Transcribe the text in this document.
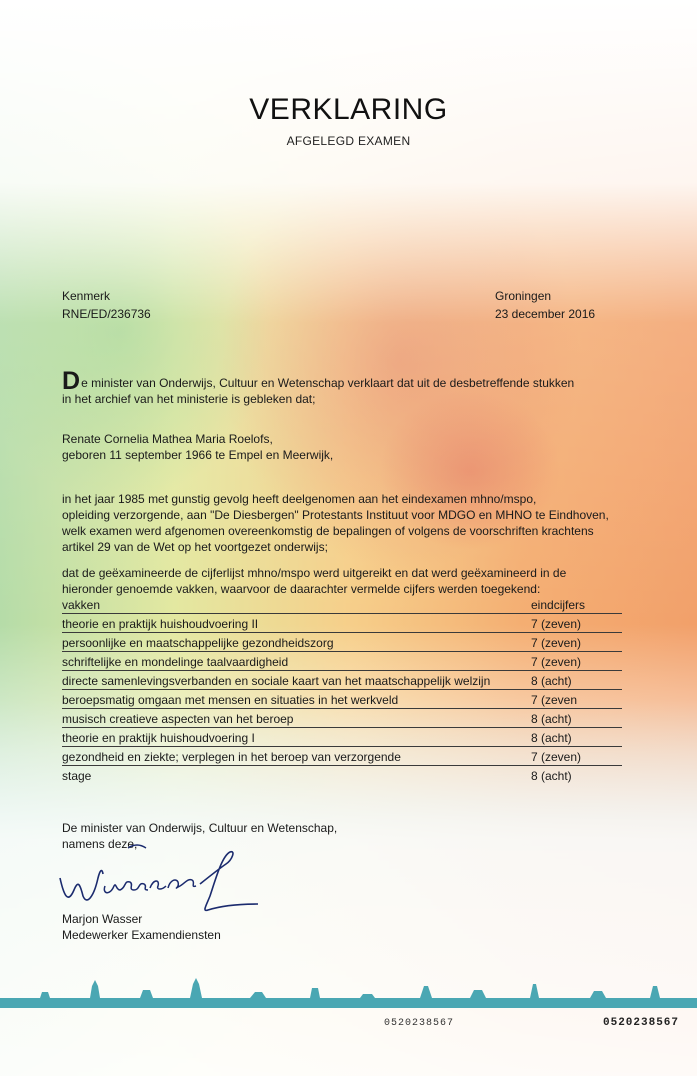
VERKLARING
AFGELEGD EXAMEN
Kenmerk
RNE/ED/236736
Groningen
23 december 2016
De minister van Onderwijs, Cultuur en Wetenschap verklaart dat uit de desbetreffende stukken
in het archief van het ministerie is gebleken dat;
Renate Cornelia Mathea Maria Roelofs,
geboren 11 september 1966 te Empel en Meerwijk,
in het jaar 1985 met gunstig gevolg heeft deelgenomen aan het eindexamen mhno/mspo,
opleiding verzorgende, aan "De Diesbergen" Protestants Instituut voor MDGO en MHNO te Eindhoven,
welk examen werd afgenomen overeenkomstig de bepalingen of volgens de voorschriften krachtens
artikel 29 van de Wet op het voortgezet onderwijs;
dat de geëxamineerde de cijferlijst mhno/mspo werd uitgereikt en dat werd geëxamineerd in de
hieronder genoemde vakken, waarvoor de daarachter vermelde cijfers werden toegekend:
vakken	eindcijfers
theorie en praktijk huishoudvoering II	7 (zeven)
persoonlijke en maatschappelijke gezondheidszorg	7 (zeven)
schriftelijke en mondelinge taalvaardigheid	7 (zeven)
directe samenlevingsverbanden en sociale kaart van het maatschappelijk welzijn	8 (acht)
beroepsmatig omgaan met mensen en situaties in het werkveld	7 (zeven
musisch creatieve aspecten van het beroep	8 (acht)
theorie en praktijk huishoudvoering I	8 (acht)
gezondheid en ziekte; verplegen in het beroep van verzorgende	7 (zeven)
stage	8 (acht)
De minister van Onderwijs, Cultuur en Wetenschap,
namens deze,
Marjon Wasser
Medewerker Examendiensten
0520238567	0520238567
